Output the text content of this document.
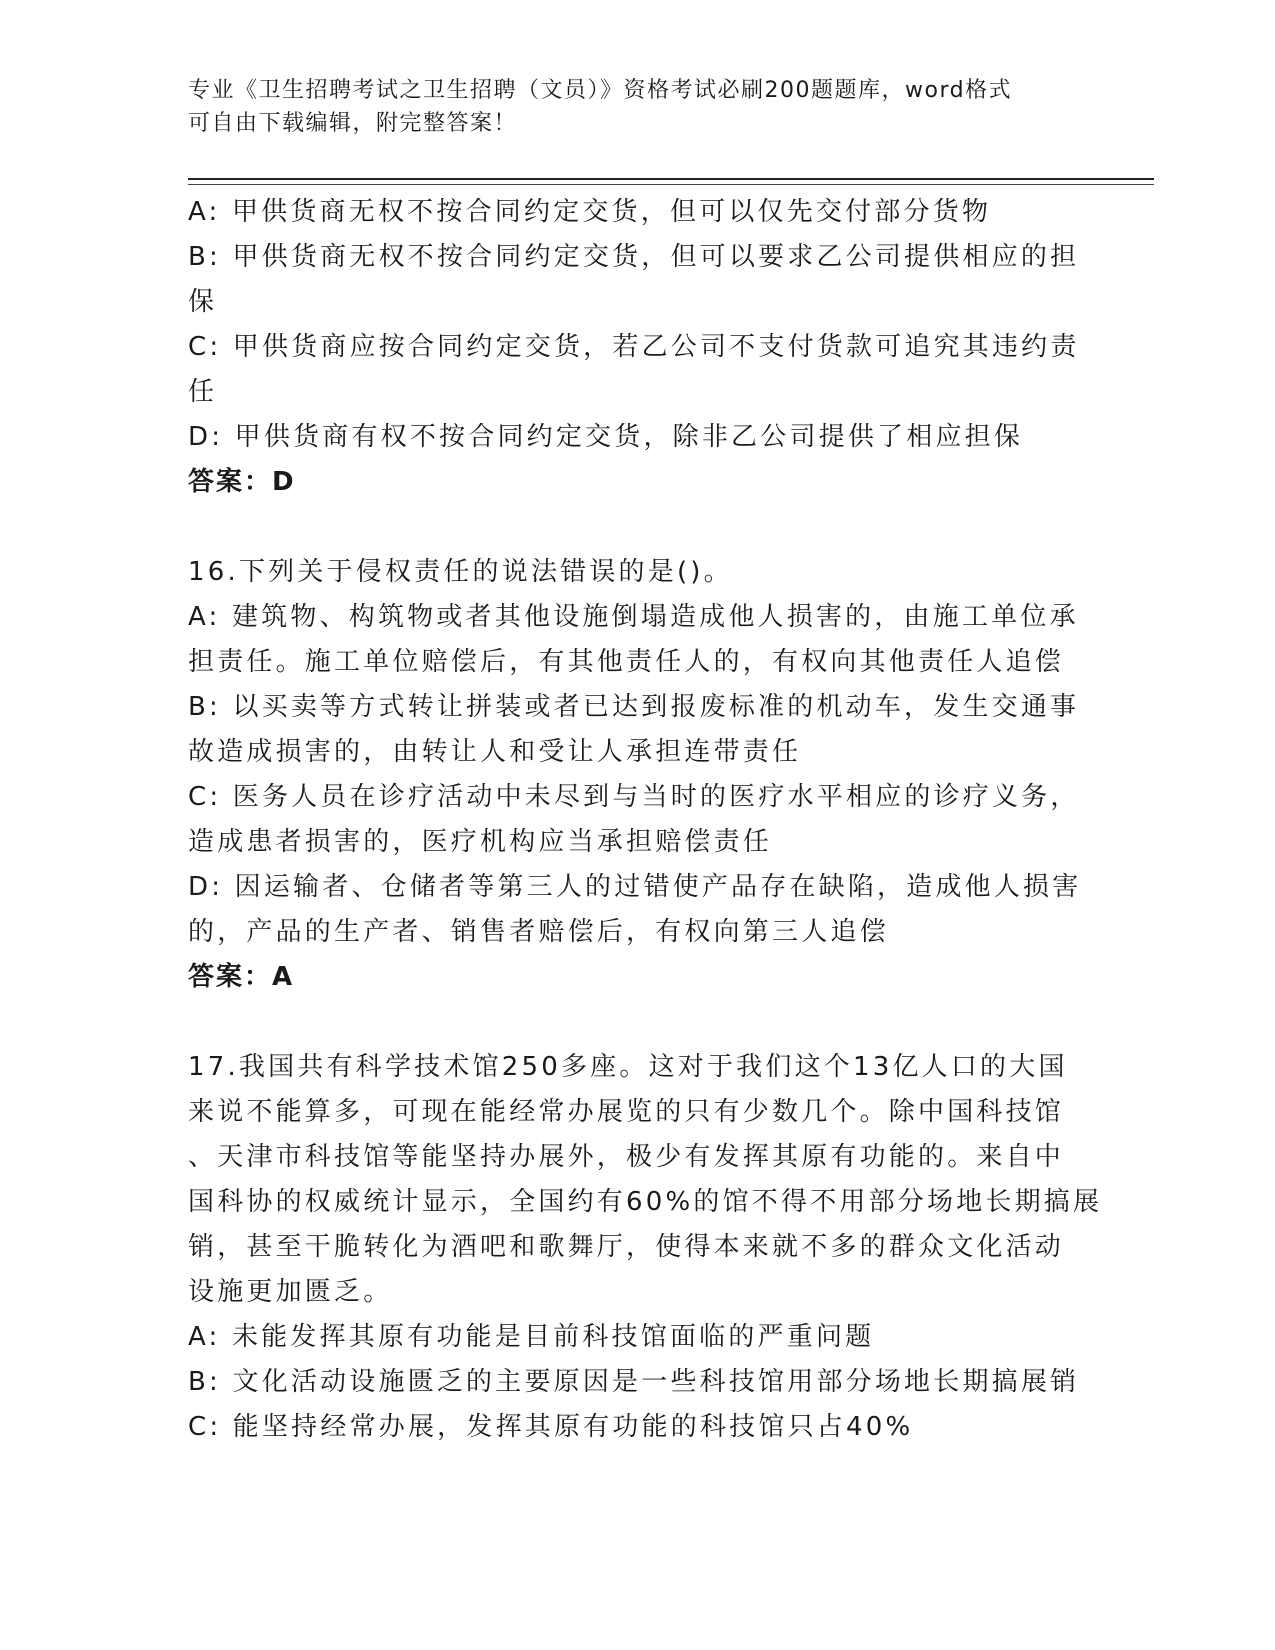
专业《卫生招聘考试之卫生招聘（文员）》资格考试必刷200题题库，word格式
可自由下载编辑，附完整答案！
A: 甲供货商无权不按合同约定交货，但可以仅先交付部分货物
B: 甲供货商无权不按合同约定交货，但可以要求乙公司提供相应的担
保
C: 甲供货商应按合同约定交货，若乙公司不支付货款可追究其违约责
任
D: 甲供货商有权不按合同约定交货，除非乙公司提供了相应担保
答案：D
16.下列关于侵权责任的说法错误的是()。
A: 建筑物、构筑物或者其他设施倒塌造成他人损害的，由施工单位承
担责任。施工单位赔偿后，有其他责任人的，有权向其他责任人追偿
B: 以买卖等方式转让拼装或者已达到报废标准的机动车，发生交通事
故造成损害的，由转让人和受让人承担连带责任
C: 医务人员在诊疗活动中未尽到与当时的医疗水平相应的诊疗义务，
造成患者损害的，医疗机构应当承担赔偿责任
D: 因运输者、仓储者等第三人的过错使产品存在缺陷，造成他人损害
的，产品的生产者、销售者赔偿后，有权向第三人追偿
答案：A
17.我国共有科学技术馆250多座。这对于我们这个13亿人口的大国
来说不能算多，可现在能经常办展览的只有少数几个。除中国科技馆
、天津市科技馆等能坚持办展外，极少有发挥其原有功能的。来自中
国科协的权威统计显示，全国约有60%的馆不得不用部分场地长期搞展
销，甚至干脆转化为酒吧和歌舞厅，使得本来就不多的群众文化活动
设施更加匮乏。
A: 未能发挥其原有功能是目前科技馆面临的严重问题
B: 文化活动设施匮乏的主要原因是一些科技馆用部分场地长期搞展销
C: 能坚持经常办展，发挥其原有功能的科技馆只占40%
